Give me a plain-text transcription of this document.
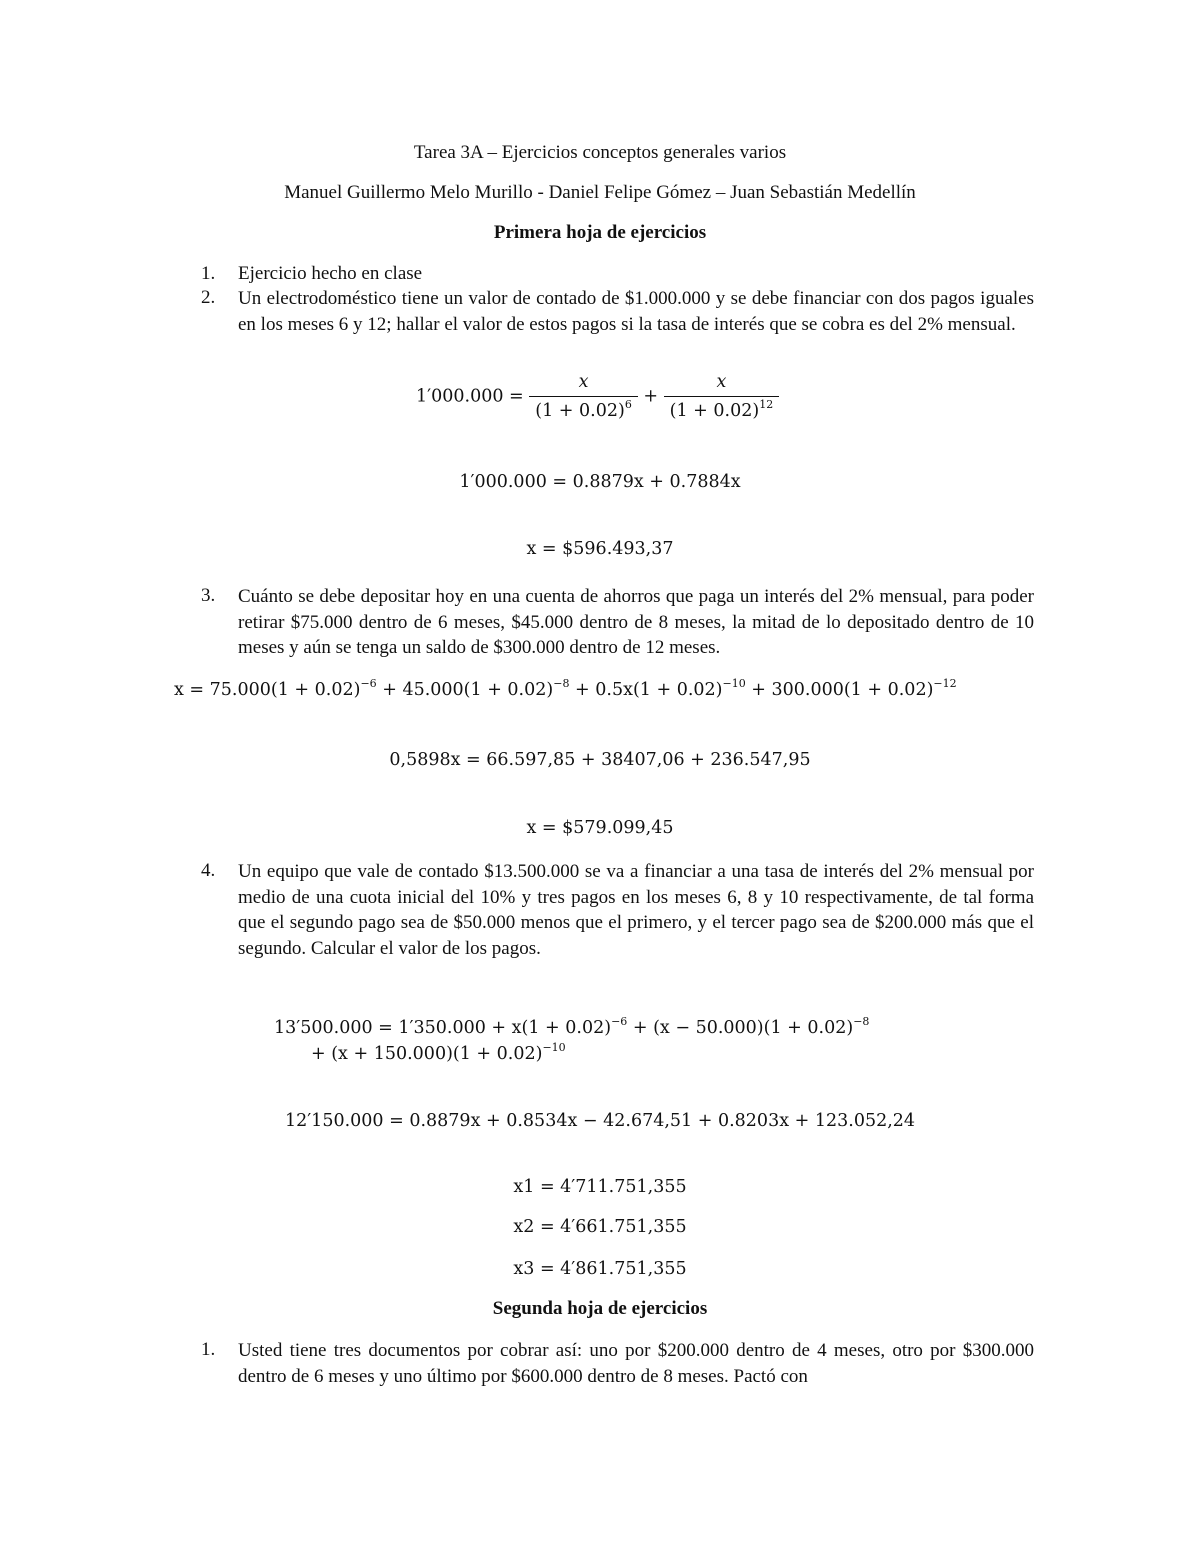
Tarea 3A – Ejercicios conceptos generales varios
Manuel Guillermo Melo Murillo - Daniel Felipe Gómez – Juan Sebastián Medellín
Primera hoja de ejercicios
1. Ejercicio hecho en clase
2. Un electrodoméstico tiene un valor de contado de $1.000.000 y se debe financiar con dos pagos iguales en los meses 6 y 12; hallar el valor de estos pagos si la tasa de interés que se cobra es del 2% mensual.
$1'000.000 = \frac{x}{(1 + 0.02)^6} + \frac{x}{(1 + 0.02)^{12}}$
1′000.000 = 0.8879x + 0.7884x
x = $596.493,37
3. Cuánto se debe depositar hoy en una cuenta de ahorros que paga un interés del 2% mensual, para poder retirar $75.000 dentro de 6 meses, $45.000 dentro de 8 meses, la mitad de lo depositado dentro de 10 meses y aún se tenga un saldo de $300.000 dentro de 12 meses.
$x = 75.000(1 + 0.02)^{-6} + 45.000(1 + 0.02)^{-8} + 0.5x(1 + 0.02)^{-10} + 300.000(1 + 0.02)^{-12}$
0,5898x = 66.597,85 + 38407,06 + 236.547,95
x = $579.099,45
4. Un equipo que vale de contado $13.500.000 se va a financiar a una tasa de interés del 2% mensual por medio de una cuota inicial del 10% y tres pagos en los meses 6, 8 y 10 respectivamente, de tal forma que el segundo pago sea de $50.000 menos que el primero, y el tercer pago sea de $200.000 más que el segundo. Calcular el valor de los pagos.
$13'500.000 = 1'350.000 + x(1 + 0.02)^{-6} + (x - 50.000)(1 + 0.02)^{-8}$
+ $(x + 150.000)(1 + 0.02)^{-10}$
12′150.000 = 0.8879x + 0.8534x − 42.674,51 + 0.8203x + 123.052,24
x1 = 4′711.751,355
x2 = 4′661.751,355
x3 = 4′861.751,355
Segunda hoja de ejercicios
1. Usted tiene tres documentos por cobrar así: uno por $200.000 dentro de 4 meses, otro por $300.000 dentro de 6 meses y uno último por $600.000 dentro de 8 meses. Pactó con
